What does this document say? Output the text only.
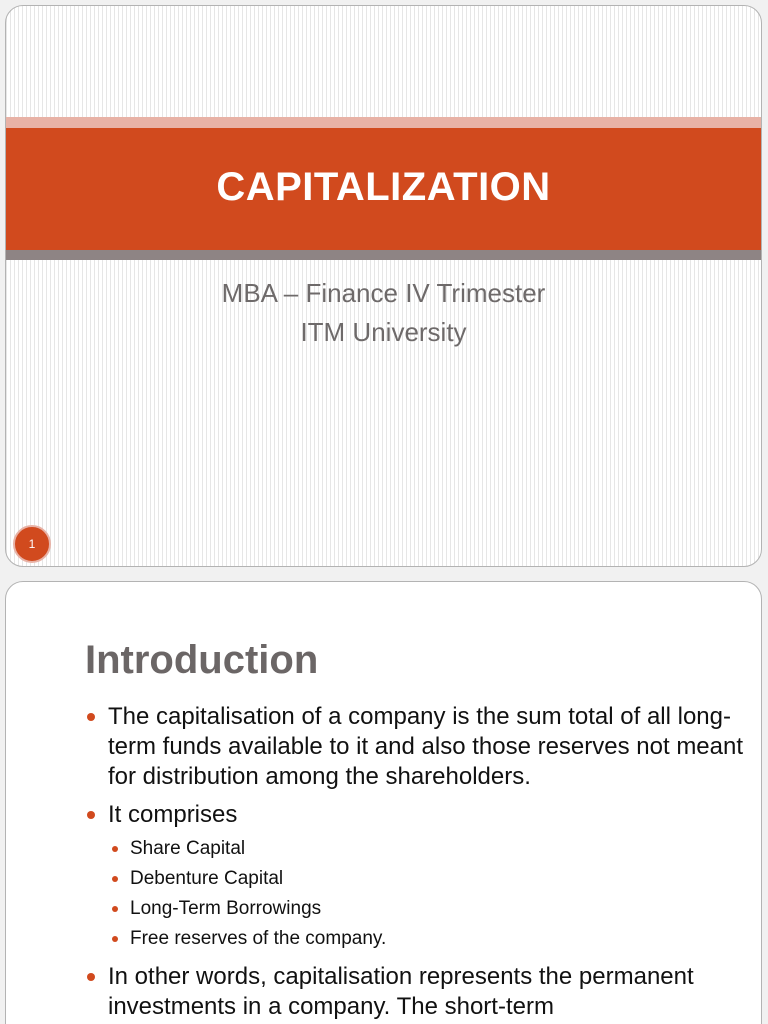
CAPITALIZATION
MBA – Finance IV Trimester
ITM University
1
Introduction
The capitalisation of a company is the sum total of all long-term funds available to it and also those reserves not meant for distribution among the shareholders.
It comprises
Share Capital
Debenture Capital
Long-Term Borrowings
Free reserves of the company.
In other words, capitalisation represents the permanent investments in a company. The short-term
